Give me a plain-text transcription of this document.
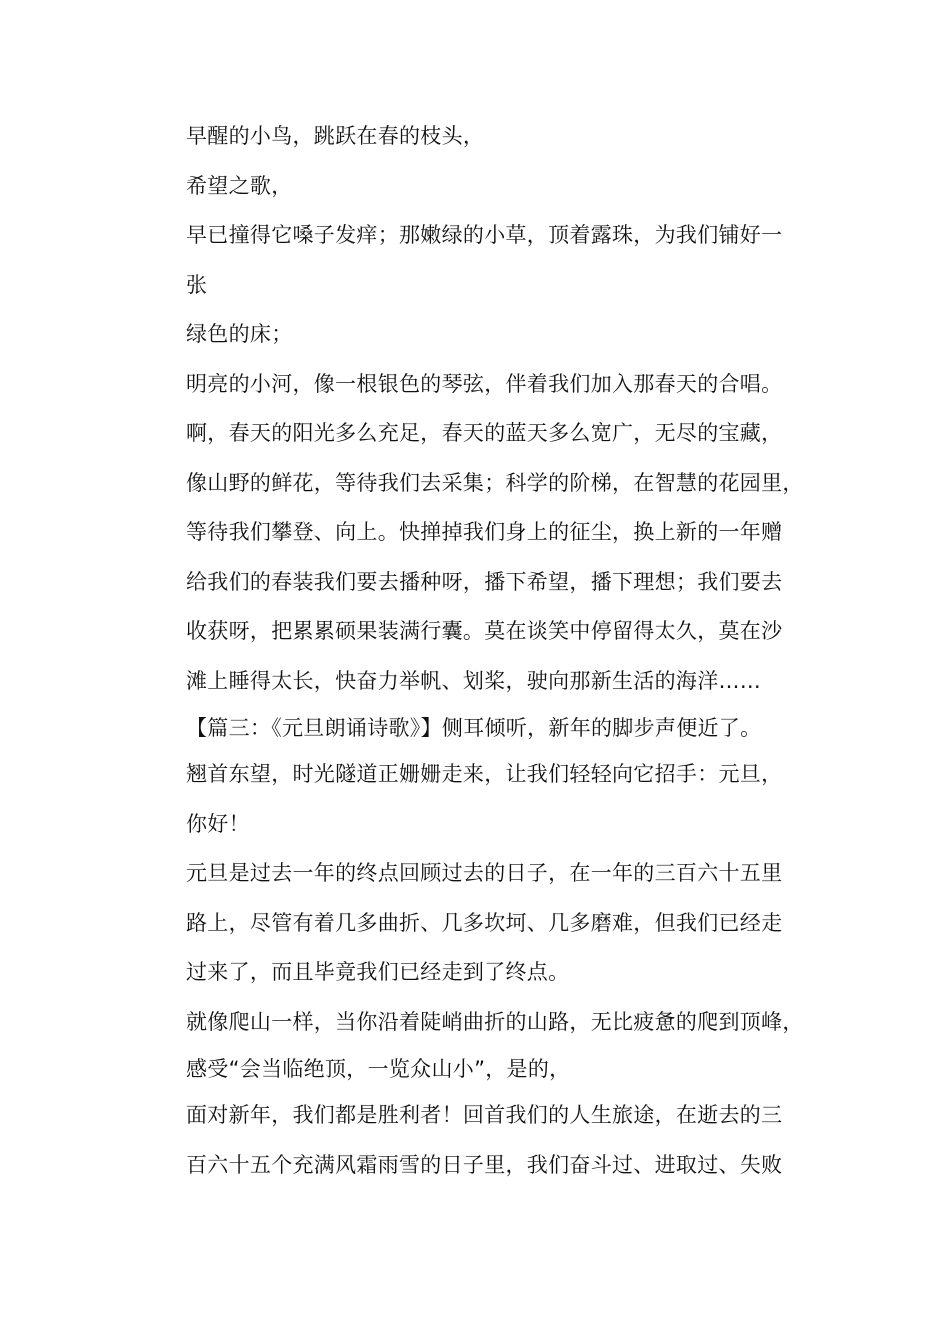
早醒的小鸟，跳跃在春的枝头，
希望之歌，
早已撞得它嗓子发痒；那嫩绿的小草，顶着露珠，为我们铺好一
张
绿色的床；
明亮的小河，像一根银色的琴弦，伴着我们加入那春天的合唱。
啊，春天的阳光多么充足，春天的蓝天多么宽广，无尽的宝藏，
像山野的鲜花，等待我们去采集；科学的阶梯，在智慧的花园里，
等待我们攀登、向上。快掸掉我们身上的征尘，换上新的一年赠
给我们的春装我们要去播种呀，播下希望，播下理想；我们要去
收获呀，把累累硕果装满行囊。莫在谈笑中停留得太久，莫在沙
滩上睡得太长，快奋力举帆、划桨，驶向那新生活的海洋……
【篇三：《元旦朗诵诗歌》】侧耳倾听，新年的脚步声便近了。
翘首东望，时光隧道正姗姗走来，让我们轻轻向它招手：元旦，
你好！
元旦是过去一年的终点回顾过去的日子，在一年的三百六十五里
路上，尽管有着几多曲折、几多坎坷、几多磨难，但我们已经走
过来了，而且毕竟我们已经走到了终点。
就像爬山一样，当你沿着陡峭曲折的山路，无比疲惫的爬到顶峰，
感受“会当临绝顶，一览众山小”，是的，
面对新年，我们都是胜利者！回首我们的人生旅途，在逝去的三
百六十五个充满风霜雨雪的日子里，我们奋斗过、进取过、失败
